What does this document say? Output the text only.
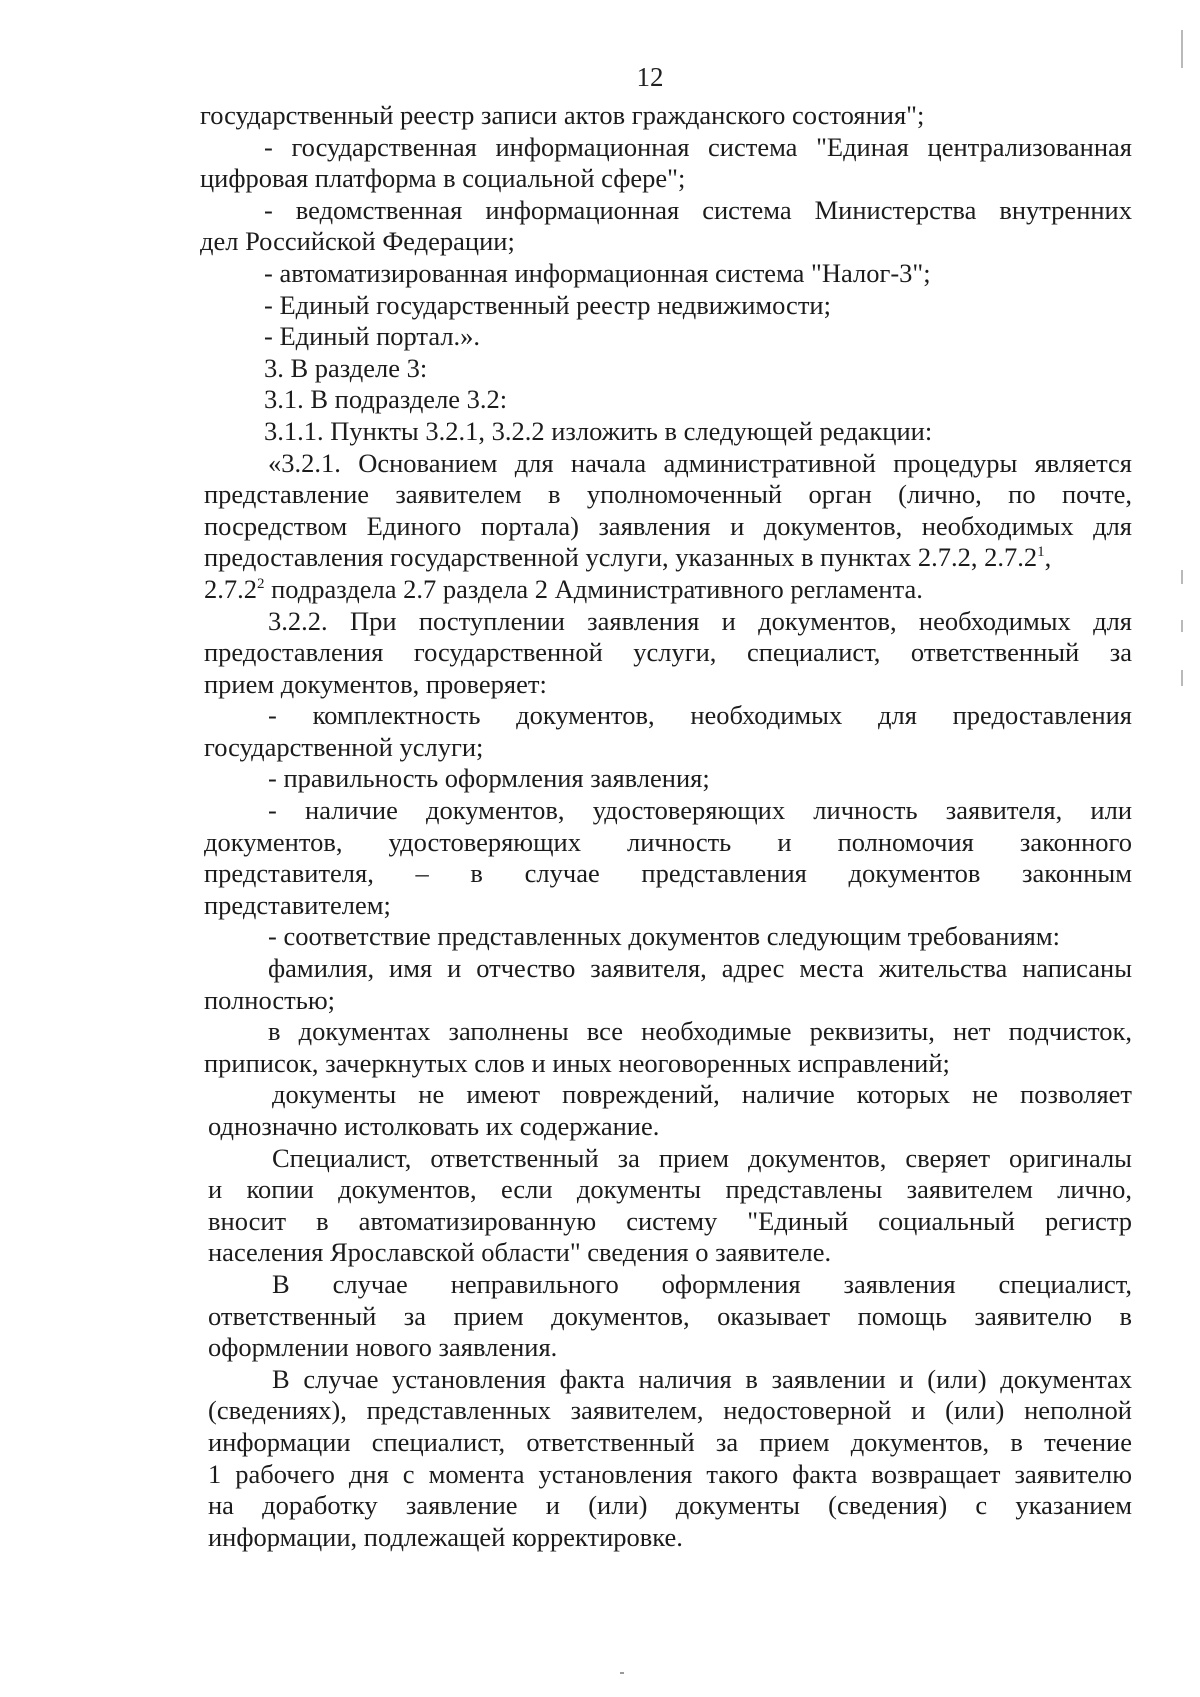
12
государственный реестр записи актов гражданского состояния";
- государственная информационная система "Единая централизованная
цифровая платформа в социальной сфере";
- ведомственная информационная система Министерства внутренних
дел Российской Федерации;
- автоматизированная информационная система "Налог-3";
- Единый государственный реестр недвижимости;
- Единый портал.».
3. В разделе 3:
3.1. В подразделе 3.2:
3.1.1. Пункты 3.2.1, 3.2.2 изложить в следующей редакции:
«3.2.1. Основанием для начала административной процедуры является
представление заявителем в уполномоченный орган (лично, по почте,
посредством Единого портала) заявления и документов, необходимых для
предоставления государственной услуги, указанных в пунктах 2.7.2, 2.7.2$^1$,
2.7.2$^2$ подраздела 2.7 раздела 2 Административного регламента.
3.2.2. При поступлении заявления и документов, необходимых для
предоставления государственной услуги, специалист, ответственный за
прием документов, проверяет:
- комплектность документов, необходимых для предоставления
государственной услуги;
- правильность оформления заявления;
- наличие документов, удостоверяющих личность заявителя, или
документов, удостоверяющих личность и полномочия законного
представителя, – в случае представления документов законным
представителем;
- соответствие представленных документов следующим требованиям:
фамилия, имя и отчество заявителя, адрес места жительства написаны
полностью;
в документах заполнены все необходимые реквизиты, нет подчисток,
приписок, зачеркнутых слов и иных неоговоренных исправлений;
документы не имеют повреждений, наличие которых не позволяет
однозначно истолковать их содержание.
Специалист, ответственный за прием документов, сверяет оригиналы
и копии документов, если документы представлены заявителем лично,
вносит в автоматизированную систему "Единый социальный регистр
населения Ярославской области" сведения о заявителе.
В случае неправильного оформления заявления специалист,
ответственный за прием документов, оказывает помощь заявителю в
оформлении нового заявления.
В случае установления факта наличия в заявлении и (или) документах
(сведениях), представленных заявителем, недостоверной и (или) неполной
информации специалист, ответственный за прием документов, в течение
1 рабочего дня с момента установления такого факта возвращает заявителю
на доработку заявление и (или) документы (сведения) с указанием
информации, подлежащей корректировке.
